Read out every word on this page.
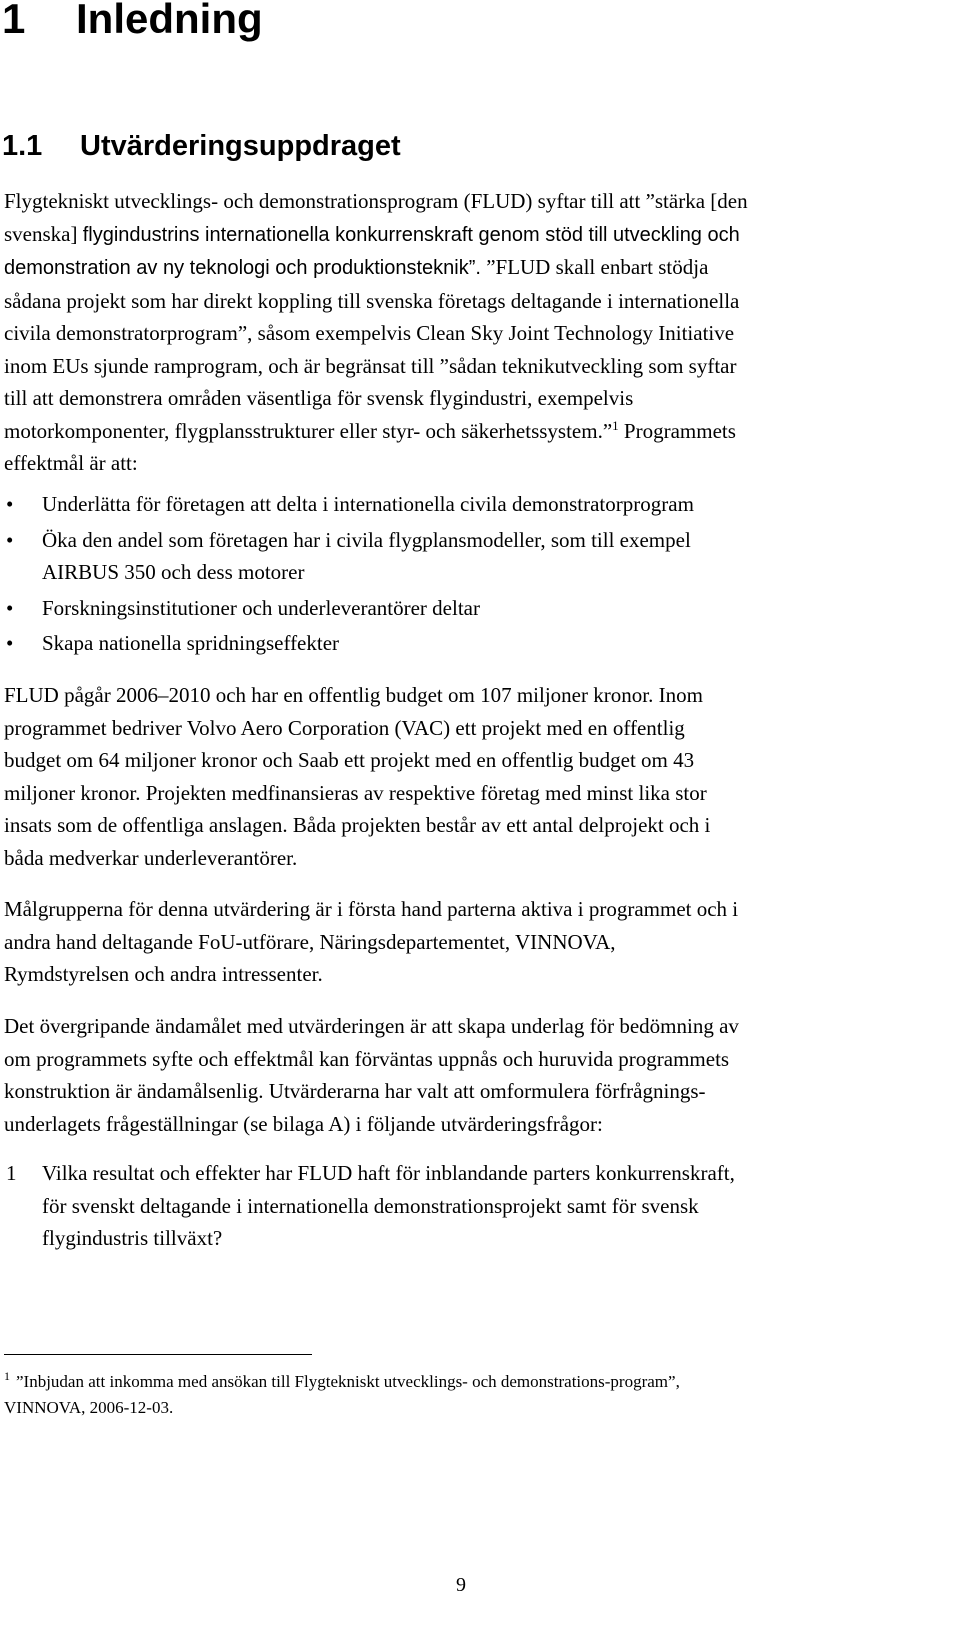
1 Inledning
1.1 Utvärderingsuppdraget

Flygtekniskt utvecklings- och demonstrationsprogram (FLUD) syftar till att ”stärka [den
svenska] flygindustrins internationella konkurrenskraft genom stöd till utveckling och
demonstration av ny teknologi och produktionsteknik”. ”FLUD skall enbart stödja
sådana projekt som har direkt koppling till svenska företags deltagande i internationella
civila demonstratorprogram”, såsom exempelvis Clean Sky Joint Technology Initiative
inom EUs sjunde ramprogram, och är begränsat till ”sådan teknikutveckling som syftar
till att demonstrera områden väsentliga för svensk flygindustri, exempelvis
motorkomponenter, flygplansstrukturer eller styr- och säkerhetssystem.”$^1$ Programmets
effektmål är att:

• Underlätta för företagen att delta i internationella civila demonstratorprogram
• Öka den andel som företagen har i civila flygplansmodeller, som till exempel
AIRBUS 350 och dess motorer
• Forskningsinstitutioner och underleverantörer deltar
• Skapa nationella spridningseffekter

FLUD pågår 2006–2010 och har en offentlig budget om 107 miljoner kronor. Inom
programmet bedriver Volvo Aero Corporation (VAC) ett projekt med en offentlig
budget om 64 miljoner kronor och Saab ett projekt med en offentlig budget om 43
miljoner kronor. Projekten medfinansieras av respektive företag med minst lika stor
insats som de offentliga anslagen. Båda projekten består av ett antal delprojekt och i
båda medverkar underleverantörer.

Målgrupperna för denna utvärdering är i första hand parterna aktiva i programmet och i
andra hand deltagande FoU-utförare, Näringsdepartementet, VINNOVA,
Rymdstyrelsen och andra intressenter.

Det övergripande ändamålet med utvärderingen är att skapa underlag för bedömning av
om programmets syfte och effektmål kan förväntas uppnås och huruvida programmets
konstruktion är ändamålsenlig. Utvärderarna har valt att omformulera förfrågnings-
underlagets frågeställningar (se bilaga A) i följande utvärderingsfrågor:

1 Vilka resultat och effekter har FLUD haft för inblandande parters konkurrenskraft,
för svenskt deltagande i internationella demonstrationsprojekt samt för svensk
flygindustris tillväxt?

$^1$ ”Inbjudan att inkomma med ansökan till Flygtekniskt utvecklings- och demonstrations-program”,
VINNOVA, 2006-12-03.

9
